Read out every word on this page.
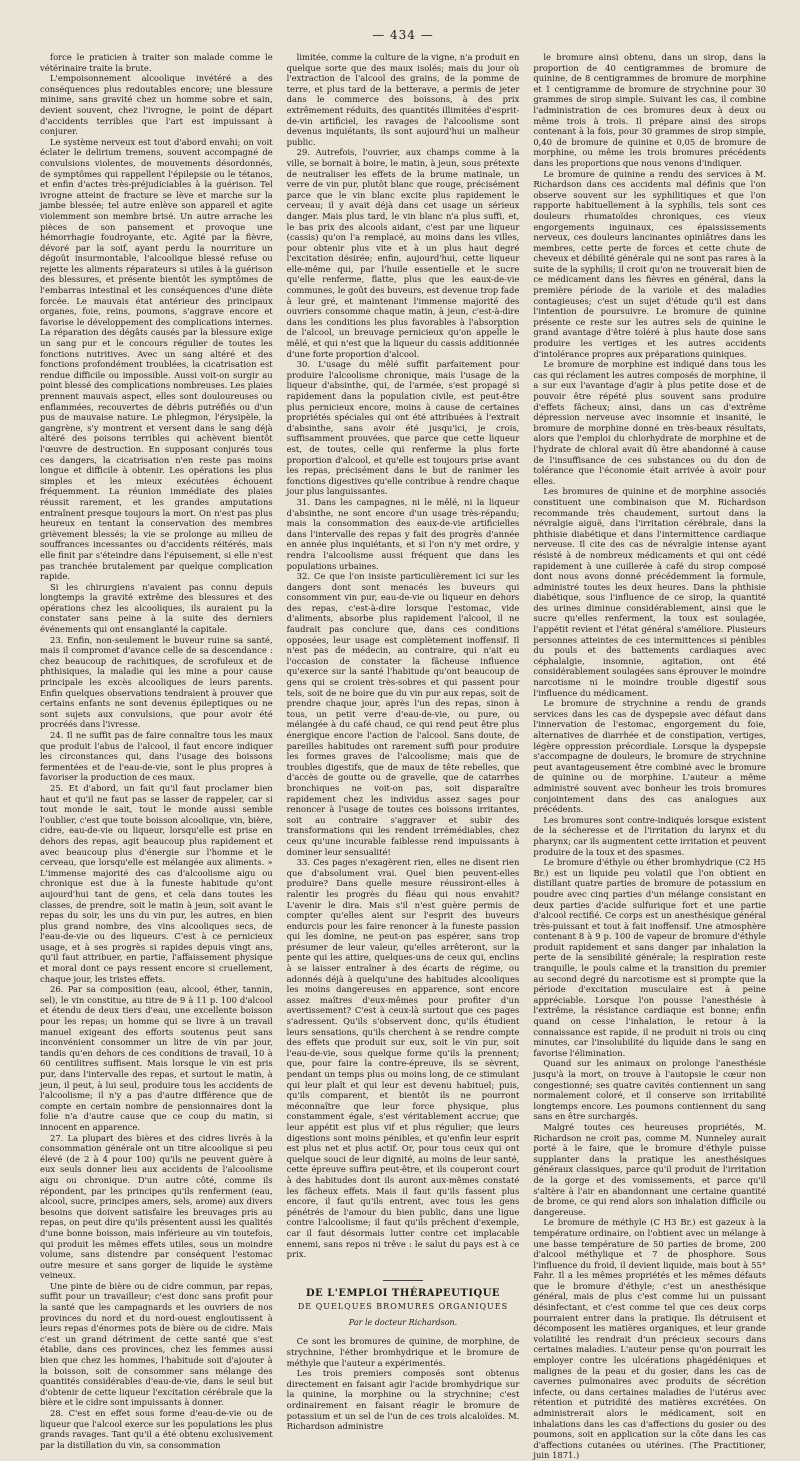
— 434 —

force le praticien à traiter son malade comme le vétérinaire traite la brute.

L'empoisonnement alcoolique invétéré a des conséquences plus redoutables encore; une blessure minime, sans gravité chez un homme sobre et sain, devient souvent, chez l'ivrogne, le point de départ d'accidents terribles que l'art est impuissant à conjurer.

Le système nerveux est tout d'abord envahi; on voit éclater le delirium tremens, souvent accompagné de convulsions violentes, de mouvements désordonnés, de symptômes qui rappellent l'épilepsie ou le tétanos, et enfin d'actes très-préjudiciables à la guérison. Tel ivrogne atteint de fracture se lève et marche sur la jambe blessée; tel autre enlève son appareil et agite violemment son membre brisé. Un autre arrache les pièces de son pansement et provoque une hémorrhagie foudroyante, etc. Agité par la fièvre, dévoré par la soif, ayant perdu la nourriture un dégoût insurmontable, l'alcoolique blessé refuse ou rejette les aliments réparateurs si utiles à la guérison des blessures, et présente bientôt les symptômes de l'embarras intestinal et les conséquences d'une diète forcée. Le mauvais état antérieur des principaux organes, foie, reins, poumons, s'aggrave encore et favorise le développement des complications internes. La réparation des dégâts causés par la blessure exige un sang pur et le concours régulier de toutes les fonctions nutritives. Avec un sang altéré et des fonctions profondément troublées, la cicatrisation est rendue difficile ou impossible. Aussi voit-on surgir au point blessé des complications nombreuses. Les plaies prennent mauvais aspect, elles sont douloureuses ou enflammées, recouvertes de débris putréfiés ou d'un pus de mauvaise nature. Le phlegmon, l'érysipèle, la gangrène, s'y montrent et versent dans le sang déjà altéré des poisons terribles qui achèvent bientôt l'œuvre de destruction. En supposant conjurés tous ces dangers, la cicatrisation n'en reste pas moins longue et difficile à obtenir. Les opérations les plus simples et les mieux exécutées échouent fréquemment. La réunion immédiate des plaies réussit rarement, et les grandes amputations entraînent presque toujours la mort. On n'est pas plus heureux en tentant la conservation des membres grièvement blessés; la vie se prolonge au milieu de souffrances incessantes ou d'accidents réitérés, mais elle finit par s'éteindre dans l'épuisement, si elle n'est pas tranchée brutalement par quelque complication rapide.

Si les chirurgiens n'avaient pas connu depuis longtemps la gravité extrême des blessures et des opérations chez les alcooliques, ils auraient pu la constater sans peine à la suite des derniers événements qui ont ensanglanté la capitale.

23. Enfin, non-seulement le buveur ruine sa santé, mais il compromet d'avance celle de sa descendance : chez beaucoup de rachitiques, de scrofuleux et de phthisiques, la maladie qui les mine a pour cause principale les excès alcooliques de leurs parents. Enfin quelques observations tendraient à prouver que certains enfants ne sont devenus épileptiques ou ne sont sujets aux convulsions, que pour avoir été procréés dans l'ivresse.

24. Il ne suffit pas de faire connaître tous les maux que produit l'abus de l'alcool, il faut encore indiquer les circonstances qui, dans l'usage des boissons fermentées et de l'eau-de-vie, sont le plus propres à favoriser la production de ces maux.

25. Et d'abord, un fait qu'il faut proclamer bien haut et qu'il ne faut pas se lasser de rappeler, car si tout monde le sait, tout le monde aussi semble l'oublier, c'est que toute boisson alcoolique, vin, bière, cidre, eau-de-vie ou liqueur, lorsqu'elle est prise en dehors des repas, agit beaucoup plus rapidement et avec beaucoup plus d'énergie sur l'homme et le cerveau, que lorsqu'elle est mélangée aux aliments. » L'immense majorité des cas d'alcoolisme aigu ou chronique est due à la funeste habitude qu'ont aujourd'hui tant de gens, et cela dans toutes les classes, de prendre, soit le matin à jeun, soit avant le repas du soir, les uns du vin pur, les autres, en bien plus grand nombre, des vins alcooliques secs, de l'eau-de-vie ou des liqueurs. C'est à ce pernicieux usage, et à ses progrès si rapides depuis vingt ans, qu'il faut attribuer, en partie, l'affaissement physique et moral dont ce pays ressent encore si cruellement, chaque jour, les tristes effets.

26. Par sa composition (eau, alcool, éther, tannin, sel), le vin constitue, au titre de 9 à 11 p. 100 d'alcool et étendu de deux tiers d'eau, une excellente boisson pour les repas; un homme qui se livre à un travail manuel exigeant des efforts soutenus peut sans inconvénient consommer un litre de vin par jour, tandis qu'en dehors de ces conditions de travail, 10 à 60 centilitres suffisent. Mais lorsque le vin est pris pur, dans l'intervalle des repas, et surtout le matin, à jeun, il peut, à lui seul, produire tous les accidents de l'alcoolisme; il n'y a pas d'autre différence que de compte en certain nombre de pensionnaires dont la folie n'a d'autre cause que ce coup du matin, si innocent en apparence.

27. La plupart des bières et des cidres livrés à la consommation générale ont un titre alcoolique si peu élevé (de 2 à 4 pour 100) qu'ils ne peuvent guère à eux seuls donner lieu aux accidents de l'alcoolisme aigu ou chronique. D'un autre côté, comme ils répondent, par les principes qu'ils renferment (eau, alcool, sucre, principes amers, sels, arome) aux divers besoins que doivent satisfaire les breuvages pris au repas, on peut dire qu'ils présentent aussi les qualités d'une bonne boisson, mais inférieure au vin toutefois, qui produit les mêmes effets utiles, sous un moindre volume, sans distendre par conséquent l'estomac outre mesure et sans gorger de liquide le système veineux.

Une pinte de bière ou de cidre commun, par repas, suffit pour un travailleur; c'est donc sans profit pour la santé que les campagnards et les ouvriers de nos provinces du nord et du nord-ouest engloutissent à leurs repas d'énormes pots de bière ou de cidre. Mais c'est un grand détriment de cette santé que s'est établie, dans ces provinces, chez les femmes aussi bien que chez les hommes, l'habitude soit d'ajouter à la boisson, soit de consommer sans mélange des quantités considérables d'eau-de-vie, dans le seul but d'obtenir de cette liqueur l'excitation cérébrale que la bière et le cidre sont impuissants à donner.

28. C'est en effet sous forme d'eau-de-vie ou de liqueur que l'alcool exerce sur les populations les plus grands ravages. Tant qu'il a été obtenu exclusivement par la distillation du vin, sa consommation

limitée, comme la culture de la vigne, n'a produit en quelque sorte que des maux isolés; mais du jour où l'extraction de l'alcool des grains, de la pomme de terre, et plus tard de la betterave, a permis de jeter dans le commerce des boissons, à des prix extrêmement réduits, des quantités illimitées d'esprit-de-vin artificiel, les ravages de l'alcoolisme sont devenus inquiétants, ils sont aujourd'hui un malheur public.

29. Autrefois, l'ouvrier, aux champs comme à la ville, se bornait à boire, le matin, à jeun, sous prétexte de neutraliser les effets de la brume matinale, un verre de vin pur, plutôt blanc que rouge, précisément parce que le vin blanc excite plus rapidement le cerveau; il y avait déjà dans cet usage un sérieux danger. Mais plus tard, le vin blanc n'a plus suffi, et, le bas prix des alcools aidant, c'est par une liqueur (cassis) qu'on l'a remplacé, au moins dans les villes, pour obtenir plus vite et à un plus haut degré l'excitation désirée; enfin, aujourd'hui, cette liqueur elle-même qui, par l'huile essentielle et le sucre qu'elle renferme, flatte, plus que les eaux-de-vie communes, le goût des buveurs, est devenue trop fade à leur gré, et maintenant l'immense majorité des ouvriers consomme chaque matin, à jeun, c'est-à-dire dans les conditions les plus favorables à l'absorption de l'alcool, un breuvage pernicieux qu'on appelle le mêlé, et qui n'est que la liqueur du cassis additionnée d'une forte proportion d'alcool.

30. L'usage du mêlé suffit parfaitement pour produire l'alcoolisme chronique, mais l'usage de la liqueur d'absinthe, qui, de l'armée, s'est propagé si rapidement dans la population civile, est peut-être plus pernicieux encore, moins à cause de certaines propriétés spéciales qui ont été attribuées à l'extrait d'absinthe, sans avoir été jusqu'ici, je crois, suffisamment prouvées, que parce que cette liqueur est, de toutes, celle qui renferme la plus forte proportion d'alcool, et qu'elle est toujours prise avant les repas, précisément dans le but de ranimer les fonctions digestives qu'elle contribue à rendre chaque jour plus languissantes.

31. Dans les campagnes, ni le mêlé, ni la liqueur d'absinthe, ne sont encore d'un usage très-répandu; mais la consommation des eaux-de-vie artificielles dans l'intervalle des repas y fait des progrès d'année en année plus inquiétants, et si l'on n'y met ordre, y rendra l'alcoolisme aussi fréquent que dans les populations urbaines.

32. Ce que l'on insiste particulièrement ici sur les dangers dont sont menacés les buveurs qui consomment vin pur, eau-de-vie ou liqueur en dehors des repas, c'est-à-dire lorsque l'estomac, vide d'aliments, absorbe plus rapidement l'alcool, il ne faudrait pas conclure que, dans ces conditions opposées, leur usage est complètement inoffensif. Il n'est pas de médecin, au contraire, qui n'ait eu l'occasion de constater la fâcheuse influence qu'exerce sur la santé l'habitude qu'ont beaucoup de gens qui se croient très-sobres et qui passent pour tels, soit de ne boire que du vin pur aux repas, soit de prendre chaque jour, après l'un des repas, sinon à tous, un petit verre d'eau-de-vie, ou pure, ou mélangée à du café chaud, ce qui rend peut être plus énergique encore l'action de l'alcool. Sans doute, de pareilles habitudes ont rarement suffi pour produire les formes graves de l'alcoolisme; mais que de troubles digestifs, que de maux de tête rebelles, que d'accès de goutte ou de gravelle, que de catarrhes bronchiques ne voit-on pas, soit disparaître rapidement chez les individus assez sages pour renoncer à l'usage de toutes ces boissons irritantes, soit au contraire s'aggraver et subir des transformations qui les rendent irrémédiables, chez ceux qu'une incurable faiblesse rend impuissants à dominer leur sensualité!

33. Ces pages n'exagèrent rien, elles ne disent rien que d'absolument vrai. Quel bien peuvent-elles produire? Dans quelle mesure réussiront-elles à ralentir les progrès du fléau qui nous envahit? L'avenir le dira. Mais s'il n'est guère permis de compter qu'elles aient sur l'esprit des buveurs endurcis pour les faire renoncer à la funeste passion qui les domine, ne peut-on pas espérer, sans trop présumer de leur valeur, qu'elles arrêteront, sur la pente qui les attire, quelques-uns de ceux qui, enclins à se laisser entraîner à des écarts de régime, ou adonnés déjà à quelqu'une des habitudes alcooliques les moins dangereuses en apparence, sont encore assez maîtres d'eux-mêmes pour profiter d'un avertissement? C'est à ceux-là surtout que ces pages s'adressent. Qu'ils s'observent donc, qu'ils étudient leurs sensations, qu'ils cherchent à se rendre compte des effets que produit sur eux, soit le vin pur, soit l'eau-de-vie, sous quelque forme qu'ils la prennent; que, pour faire la contre-épreuve, ils se sèvrent, pendant un temps plus ou moins long, de ce stimulant qui leur plaît et qui leur est devenu habituel; puis, qu'ils comparent, et bientôt ils ne pourront méconnaître que leur force physique, plus constamment égale, s'est véritablement accrue; que leur appétit est plus vif et plus régulier; que leurs digestions sont moins pénibles, et qu'enfin leur esprit est plus net et plus actif. Or, pour tous ceux qui ont quelque souci de leur dignité, au moins de leur santé, cette épreuve suffira peut-être, et ils couperont court à des habitudes dont ils auront aux-mêmes constaté les fâcheux effets. Mais il faut qu'ils fassent plus encore, il faut qu'ils entrent, avec tous les gens pénétrés de l'amour du bien public, dans une ligue contre l'alcoolisme; il faut qu'ils prêchent d'exemple, car il faut désormais lutter contre cet implacable ennemi, sans repos ni trêve : le salut du pays est à ce prix.

DE L'EMPLOI THÉRAPEUTIQUE
DE QUELQUES BROMURES ORGANIQUES
Par le docteur Richardson.

Ce sont les bromures de quinine, de morphine, de strychnine, l'éther bromhydrique et le bromure de méthyle que l'auteur a expérimentés.

Les trois premiers composés sont obtenus directement en faisant agir l'acide bromhydrique sur la quinine, la morphine ou la strychnine; c'est ordinairement en faisant réagir le bromure de potassium et un sel de l'un de ces trois alcaloïdes. M. Richardson administre

le bromure ainsi obtenu, dans un sirop, dans la proportion de 40 centigrammes de bromure de quinine, de 8 centigrammes de bromure de morphine et 1 centigramme de bromure de strychnine pour 30 grammes de sirop simple. Suivant les cas, il combine l'administration de ces bromures deux à deux ou même trois à trois. Il prépare ainsi des sirops contenant à la fois, pour 30 grammes de sirop simple, 0,40 de bromure de quinine et 0,05 de bromure de morphine, ou même les trois bromures précédents dans les proportions que nous venons d'indiquer.

Le bromure de quinine a rendu des services à M. Richardson dans ces accidents mal définis que l'on observe souvent sur les syphilitiques et que l'on rapporte habituellement à la syphilis, tels sont ces douleurs rhumatoïdes chroniques, ces vieux engorgements inguinaux, ces épaississements nerveux, ces douleurs lancinantes opiniâtres dans les membres, cette perte de forces et cette chute de cheveux et débilité générale qui ne sont pas rares à la suite de la syphilis; il croit qu'on ne trouverait bien de ce médicament dans les fièvres en général, dans la première période de la variole et des maladies contagieuses; c'est un sujet d'étude qu'il est dans l'intention de poursuivre. Le bromure de quinine présente ce reste sur les autres sels de quinine le grand avantage d'être toléré à plus haute dose sans produire les vertiges et les autres accidents d'intolérance propres aux préparations quiniques.

Le bromure de morphine est indiqué dans tous les cas qui réclament les autres composés de morphine, il a sur eux l'avantage d'agir à plus petite dose et de pouvoir être répété plus souvent sans produire d'effets fâcheux; ainsi, dans un cas d'extrême dépression nerveuse avec insomnie et insanité, le bromure de morphine donné en très-beaux résultats, alors que l'emploi du chlorhydrate de morphine et de l'hydrate de chloral avait dû être abandonné à cause de l'insuffisance de ces substances ou du don de tolérance que l'économie était arrivée à avoir pour elles.

Les bromures de quinine et de morphine associés constituent une combinaison que M. Richardson recommande très chaudement, surtout dans la névralgie aiguë, dans l'irritation cérébrale, dans la phthisie diabétique et dans l'intermittence cardiaque nerveuse. Il cite des cas de névralgie intense ayant résisté à de nombreux médicaments et qui ont cédé rapidement à une cuillerée à café du sirop composé dont nous avons donné précédemment la formule, administré toutes les deux heures. Dans la phthisie diabétique, sous l'influence de ce sirop, la quantité des urines diminue considérablement, ainsi que le sucre qu'elles renferment, la toux est soulagée, l'appétit revient et l'état général s'améliore. Plusieurs personnes atteintes de ces intermittences si pénibles du pouls et des battements cardiaques avec céphalalgie, insomnie, agitation, ont été considérablement soulagées sans éprouver le moindre narcotisme ni le moindre trouble digestif sous l'influence du médicament.

Le bromure de strychnine a rendu de grands services dans les cas de dyspepsie avec défaut dans l'innervation de l'estomac, engorgement du foie, alternatives de diarrhée et de constipation, vertiges, légère oppression précordiale. Lorsque la dyspepsie s'accompagne de douleurs, le bromure de strychnine peut avantageusement être combiné avec le bromure de quinine ou de morphine. L'auteur a même administré souvent avec bonheur les trois bromures conjointement dans des cas analogues aux précédents.

Les bromures sont contre-indiqués lorsque existent de la sécheresse et de l'irritation du larynx et du pharynx; car ils augmentent cette irritation et peuvent produire de la toux et des spasmes.

Le bromure d'éthyle ou éther bromhydrique (C2 H5 Br.) est un liquide peu volatil que l'on obtient en distillant quatre parties de bromure de potassium en poudre avec cinq parties d'un mélange consistant en deux parties d'acide sulfurique fort et une partie d'alcool rectifié. Ce corps est un anesthésique général très-puissant et tout à fait inoffensif. Une atmosphère contenant 8 à 9 p. 100 de vapeur de bromure d'éthyle produit rapidement et sans danger par inhalation la perte de la sensibilité générale; la respiration reste tranquille, le pouls calme et la transition du premier au second degré du narcotisme est si prompte que la période d'excitation musculaire est à peine appréciable. Lorsque l'on pousse l'anesthésie à l'extrême, la résistance cardiaque est bonne; enfin quand on cesse l'inhalation, le retour à la connaissance est rapide, il ne produit ni trois ou cinq minutes, car l'insolubilité du liquide dans le sang en favorise l'élimination.

Quand sur les animaux on prolonge l'anesthésie jusqu'à la mort, on trouve à l'autopsie le cœur non congestionné; ses quatre cavités contiennent un sang normalement coloré, et il conserve son irritabilité longtemps encore. Les poumons contiennent du sang sans en être surchargés.

Malgré toutes ces heureuses propriétés, M. Richardson ne croit pas, comme M. Nunneley aurait porté à le faire, que le bromure d'éthyle puisse supplanter dans la pratique les anesthésiques généraux classiques, parce qu'il produit de l'irritation de la gorge et des vomissements, et parce qu'il s'altère à l'air en abandonnant une certaine quantité de brome, ce qui rend alors son inhalation difficile ou dangereuse.

Le bromure de méthyle (C H3 Br.) est gazeux à la température ordinaire, on l'obtient avec un mélange à une basse température de 50 parties de brome, 200 d'alcool méthylique et 7 de phosphore. Sous l'influence du froid, il devient liquide, mais bout à 55° Fahr. Il a les mêmes propriétés et les mêmes défauts que le bromure d'éthyle; c'est un anesthésique général, mais de plus c'est comme lui un puissant désinfectant, et c'est comme tel que ces deux corps pourraient entrer dans la pratique. Ils détruisent et décomposent les matières organiques, et leur grande volatilité les rendrait d'un précieux secours dans certaines maladies. L'auteur pense qu'on pourrait les employer contre les ulcérations phagédéniques et malignes de la peau et du gosier, dans les cas de cavernes pulmonaires avec produits de sécrétion infecte, ou dans certaines maladies de l'utérus avec rétention et putridité des matières excrétées. On administrerait alors le médicament, soit en inhalations dans les cas d'affections du gosier ou des poumons, soit en application sur la côte dans les cas d'affections cutanées ou utérines. (The Practitioner, juin 1871.)
